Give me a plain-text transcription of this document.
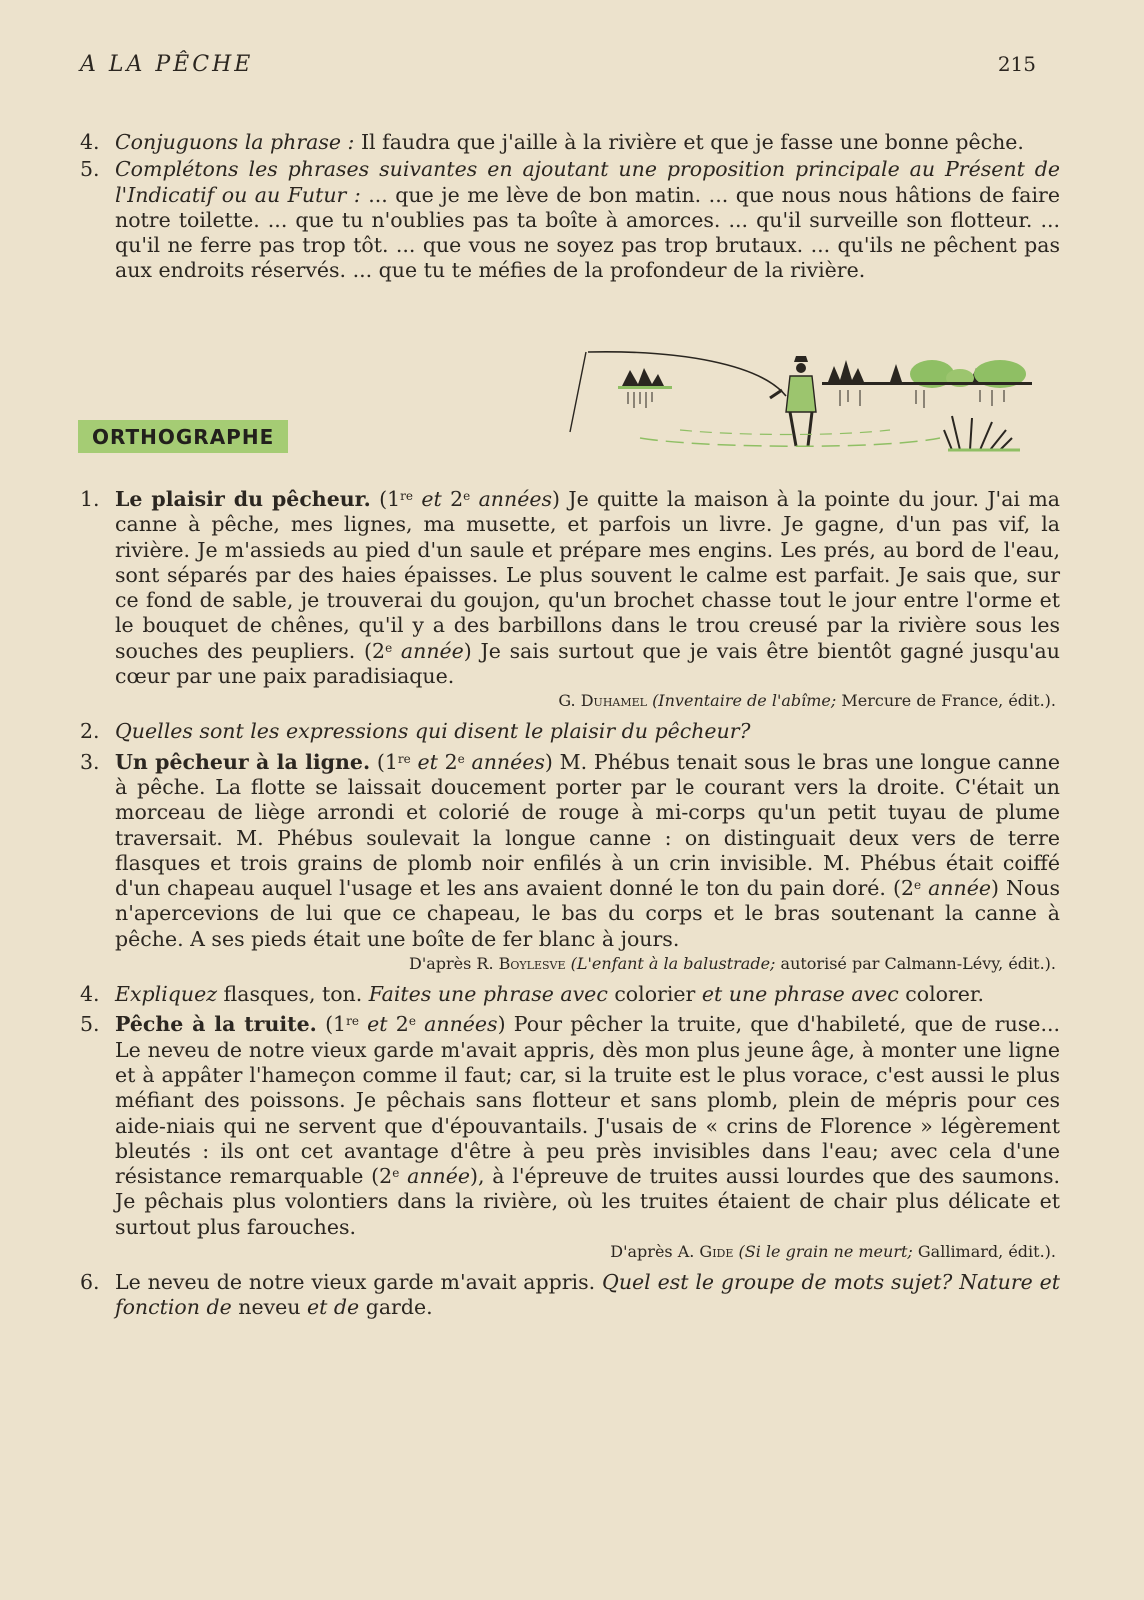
A LA PÊCHE	215
4. Conjuguons la phrase : Il faudra que j'aille à la rivière et que je fasse une bonne pêche.
5. Complétons les phrases suivantes en ajoutant une proposition principale au Présent de l'Indicatif ou au Futur : ... que je me lève de bon matin. ... que nous nous hâtions de faire notre toilette. ... que tu n'oublies pas ta boîte à amorces. ... qu'il surveille son flotteur. ... qu'il ne ferre pas trop tôt. ... que vous ne soyez pas trop brutaux. ... qu'ils ne pêchent pas aux endroits réservés. ... que tu te méfies de la profondeur de la rivière.
ORTHOGRAPHE
1. Le plaisir du pêcheur. (1re et 2e années) Je quitte la maison à la pointe du jour. J'ai ma canne à pêche, mes lignes, ma musette, et parfois un livre. Je gagne, d'un pas vif, la rivière. Je m'assieds au pied d'un saule et prépare mes engins. Les prés, au bord de l'eau, sont séparés par des haies épaisses. Le plus souvent le calme est parfait. Je sais que, sur ce fond de sable, je trouverai du goujon, qu'un brochet chasse tout le jour entre l'orme et le bouquet de chênes, qu'il y a des barbillons dans le trou creusé par la rivière sous les souches des peupliers. (2e année) Je sais surtout que je vais être bientôt gagné jusqu'au cœur par une paix paradisiaque.
G. Duhamel (Inventaire de l'abîme; Mercure de France, édit.).
2. Quelles sont les expressions qui disent le plaisir du pêcheur?
3. Un pêcheur à la ligne. (1re et 2e années) M. Phébus tenait sous le bras une longue canne à pêche. La flotte se laissait doucement porter par le courant vers la droite. C'était un morceau de liège arrondi et colorié de rouge à mi-corps qu'un petit tuyau de plume traversait. M. Phébus soulevait la longue canne : on distinguait deux vers de terre flasques et trois grains de plomb noir enfilés à un crin invisible. M. Phébus était coiffé d'un chapeau auquel l'usage et les ans avaient donné le ton du pain doré. (2e année) Nous n'apercevions de lui que ce chapeau, le bas du corps et le bras soutenant la canne à pêche. A ses pieds était une boîte de fer blanc à jours.
D'après R. Boylesve (L'enfant à la balustrade; autorisé par Calmann-Lévy, édit.).
4. Expliquez flasques, ton. Faites une phrase avec colorier et une phrase avec colorer.
5. Pêche à la truite. (1re et 2e années) Pour pêcher la truite, que d'habileté, que de ruse... Le neveu de notre vieux garde m'avait appris, dès mon plus jeune âge, à monter une ligne et à appâter l'hameçon comme il faut; car, si la truite est le plus vorace, c'est aussi le plus méfiant des poissons. Je pêchais sans flotteur et sans plomb, plein de mépris pour ces aide-niais qui ne servent que d'épouvantails. J'usais de « crins de Florence » légèrement bleutés : ils ont cet avantage d'être à peu près invisibles dans l'eau; avec cela d'une résistance remarquable (2e année), à l'épreuve de truites aussi lourdes que des saumons. Je pêchais plus volontiers dans la rivière, où les truites étaient de chair plus délicate et surtout plus farouches.
D'après A. Gide (Si le grain ne meurt; Gallimard, édit.).
6. Le neveu de notre vieux garde m'avait appris. Quel est le groupe de mots sujet? Nature et fonction de neveu et de garde.
